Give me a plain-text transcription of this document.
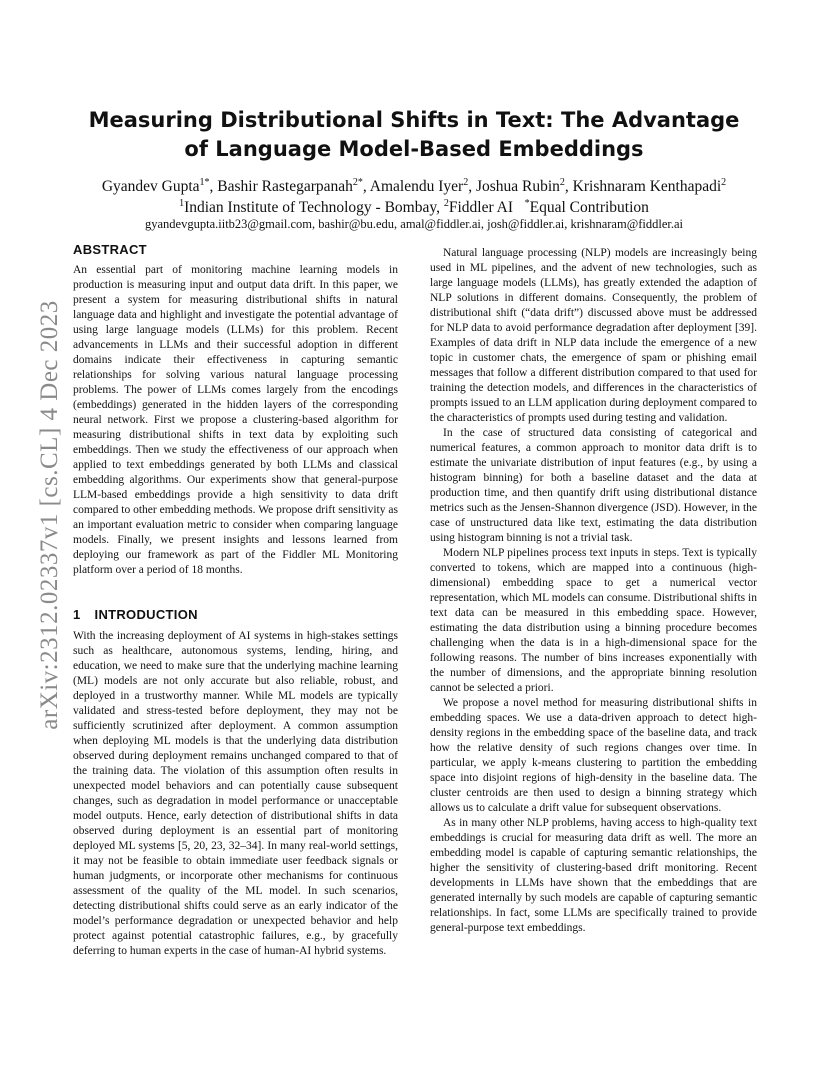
arXiv:2312.02337v1 [cs.CL] 4 Dec 2023
Measuring Distributional Shifts in Text: The Advantage of Language Model-Based Embeddings
Gyandev Gupta$^{1*}$, Bashir Rastegarpanah$^{2*}$, Amalendu Iyer$^2$, Joshua Rubin$^2$, Krishnaram Kenthapadi$^2$
$^1$Indian Institute of Technology - Bombay, $^2$Fiddler AI *Equal Contribution
gyandevgupta.iitb23@gmail.com, bashir@bu.edu, amal@fiddler.ai, josh@fiddler.ai, krishnaram@fiddler.ai
ABSTRACT

An essential part of monitoring machine learning models in production is measuring input and output data drift. In this paper, we present a system for measuring distributional shifts in natural language data and highlight and investigate the potential advantage of using large language models (LLMs) for this problem. Recent advancements in LLMs and their successful adoption in different domains indicate their effectiveness in capturing semantic relationships for solving various natural language processing problems. The power of LLMs comes largely from the encodings (embeddings) generated in the hidden layers of the corresponding neural network. First we propose a clustering-based algorithm for measuring distributional shifts in text data by exploiting such embeddings. Then we study the effectiveness of our approach when applied to text embeddings generated by both LLMs and classical embedding algorithms. Our experiments show that general-purpose LLM-based embeddings provide a high sensitivity to data drift compared to other embedding methods. We propose drift sensitivity as an important evaluation metric to consider when comparing language models. Finally, we present insights and lessons learned from deploying our framework as part of the Fiddler ML Monitoring platform over a period of 18 months.

1 INTRODUCTION

With the increasing deployment of AI systems in high-stakes settings such as healthcare, autonomous systems, lending, hiring, and education, we need to make sure that the underlying machine learning (ML) models are not only accurate but also reliable, robust, and deployed in a trustworthy manner. While ML models are typically validated and stress-tested before deployment, they may not be sufficiently scrutinized after deployment. A common assumption when deploying ML models is that the underlying data distribution observed during deployment remains unchanged compared to that of the training data. The violation of this assumption often results in unexpected model behaviors and can potentially cause subsequent changes, such as degradation in model performance or unacceptable model outputs. Hence, early detection of distributional shifts in data observed during deployment is an essential part of monitoring deployed ML systems [5, 20, 23, 32–34]. In many real-world settings, it may not be feasible to obtain immediate user feedback signals or human judgments, or incorporate other mechanisms for continuous assessment of the quality of the ML model. In such scenarios, detecting distributional shifts could serve as an early indicator of the model’s performance degradation or unexpected behavior and help protect against potential catastrophic failures, e.g., by gracefully deferring to human experts in the case of human-AI hybrid systems.

Natural language processing (NLP) models are increasingly being used in ML pipelines, and the advent of new technologies, such as large language models (LLMs), has greatly extended the adaption of NLP solutions in different domains. Consequently, the problem of distributional shift (“data drift”) discussed above must be addressed for NLP data to avoid performance degradation after deployment [39]. Examples of data drift in NLP data include the emergence of a new topic in customer chats, the emergence of spam or phishing email messages that follow a different distribution compared to that used for training the detection models, and differences in the characteristics of prompts issued to an LLM application during deployment compared to the characteristics of prompts used during testing and validation.

In the case of structured data consisting of categorical and numerical features, a common approach to monitor data drift is to estimate the univariate distribution of input features (e.g., by using a histogram binning) for both a baseline dataset and the data at production time, and then quantify drift using distributional distance metrics such as the Jensen-Shannon divergence (JSD). However, in the case of unstructured data like text, estimating the data distribution using histogram binning is not a trivial task.

Modern NLP pipelines process text inputs in steps. Text is typically converted to tokens, which are mapped into a continuous (high-dimensional) embedding space to get a numerical vector representation, which ML models can consume. Distributional shifts in text data can be measured in this embedding space. However, estimating the data distribution using a binning procedure becomes challenging when the data is in a high-dimensional space for the following reasons. The number of bins increases exponentially with the number of dimensions, and the appropriate binning resolution cannot be selected a priori.

We propose a novel method for measuring distributional shifts in embedding spaces. We use a data-driven approach to detect high-density regions in the embedding space of the baseline data, and track how the relative density of such regions changes over time. In particular, we apply k-means clustering to partition the embedding space into disjoint regions of high-density in the baseline data. The cluster centroids are then used to design a binning strategy which allows us to calculate a drift value for subsequent observations.

As in many other NLP problems, having access to high-quality text embeddings is crucial for measuring data drift as well. The more an embedding model is capable of capturing semantic relationships, the higher the sensitivity of clustering-based drift monitoring. Recent developments in LLMs have shown that the embeddings that are generated internally by such models are capable of capturing semantic relationships. In fact, some LLMs are specifically trained to provide general-purpose text embeddings.
